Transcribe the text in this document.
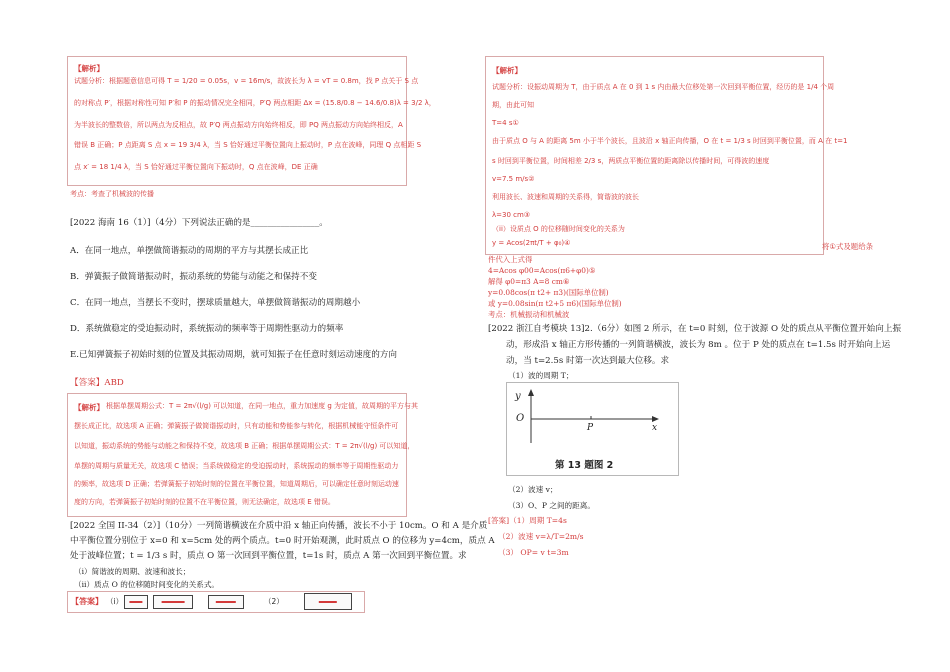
【解析】
试题分析：根据题意信息可得 T = 1/20 = 0.05s，v = 16m/s，故波长为 λ = vT = 0.8m，找 P 点关于 S 点
的对称点 P′，根据对称性可知 P′和 P 的振动情况完全相同，P′Q 两点相距 Δx = (15.8/0.8 − 14.6/0.8)λ = 3/2 λ，
为半波长的整数倍，所以两点为反相点，故 P′Q 两点振动方向始终相反，即 PQ 两点振动方向始终相反，A
错误 B 正确；P 点距离 S 点 x = 19 3/4 λ，当 S 恰好通过平衡位置向上振动时，P 点在波峰，同理 Q 点相距 S
点 x′ = 18 1/4 λ，当 S 恰好通过平衡位置向下振动时，Q 点在波峰，DE 正确
考点：考查了机械波的传播
[2022 海南 16（1）]（4分）下列说法正确的是________________。
A．在同一地点，单摆做简谐振动的周期的平方与其摆长成正比
B．弹簧振子做简谐振动时，振动系统的势能与动能之和保持不变
C．在同一地点，当摆长不变时，摆球质量越大，单摆做简谐振动的周期越小
D．系统做稳定的受迫振动时，系统振动的频率等于周期性驱动力的频率
E.已知弹簧振子初始时刻的位置及其振动周期，就可知振子在任意时刻运动速度的方向
【答案】ABD
【解析】 根据单摆周期公式：T = 2π√(l/g) 可以知道，在同一地点，重力加速度 g 为定值，故周期的平方与其
摆长成正比，故选项 A 正确；弹簧振子做简谐振动时，只有动能和势能参与转化，根据机械能守恒条件可
以知道，振动系统的势能与动能之和保持不变，故选项 B 正确；根据单摆周期公式：T = 2π√(l/g) 可以知道，
单摆的周期与质量无关，故选项 C 错误；当系统做稳定的受迫振动时，系统振动的频率等于周期性驱动力
的频率，故选项 D 正确；若弹簧振子初始时刻的位置在平衡位置，知道周期后，可以确定任意时刻运动速
度的方向，若弹簧振子初始时刻的位置不在平衡位置，则无法确定，故选项 E 错误。
[2022 全国 II-34（2）]（10分）一列简谐横波在介质中沿 x 轴正向传播，波长不小于 10cm。O 和 A 是介质
中平衡位置分别位于 x=0 和 x=5cm 处的两个质点。t=0 时开始观测，此时质点 O 的位移为 y=4cm，质点 A
处于波峰位置；t = 1/3 s 时，质点 O 第一次回到平衡位置，t=1s 时，质点 A 第一次回到平衡位置。求
（i）简谐波的周期、波速和波长；
（ii）质点 O 的位移随时间变化的关系式。
【答案】 （i）	（2）
【解析】
试题分析：设振动周期为 T，由于质点 A 在 0 到 1 s 内由最大位移处第一次回到平衡位置，经历的是 1/4 个周
期，由此可知
T=4 s①
由于质点 O 与 A 的距离 5m 小于半个波长，且波沿 x 轴正向传播，O 在 t = 1/3 s 时回到平衡位置，而 A 在 t=1
s 时回到平衡位置，时间相差 2/3 s，两质点平衡位置的距离除以传播时间，可得波的速度
v=7.5 m/s②
利用波长、波速和周期的关系得，简谐波的波长
λ=30 cm③
（ii）设质点 O 的位移随时间变化的关系为
y = Acos(2πt/T + φ₀)④	将①式及题给条
件代入上式得
4=Acos φ00=Acos(π6+φ0)⑤
解得 φ0=π3 A=8 cm⑥
y=0.08cos(π t2+ π3)(国际单位制)
或 y=0.08sin(π t2+5 π6)(国际单位制)
考点：机械振动和机械波
[2022 浙江自考模块 13]2.（6分）如图 2 所示，在 t=0 时刻，位于波源 O 处的质点从平衡位置开始向上振
动，形成沿 x 轴正方形传播的一列简谐横波，波长为 8m 。位于 P 处的质点在 t=1.5s 时开始向上运
动，当 t=2.5s 时第一次达到最大位移。求
（1）波的周期 T；
y
O
P	x
第 13 题图 2
（2）波速 v；
（3）O、P 之间的距离。
[答案]（1）周期 T=4s
（2）波速 v=λ/T=2m/s
（3） OP= v t=3m
